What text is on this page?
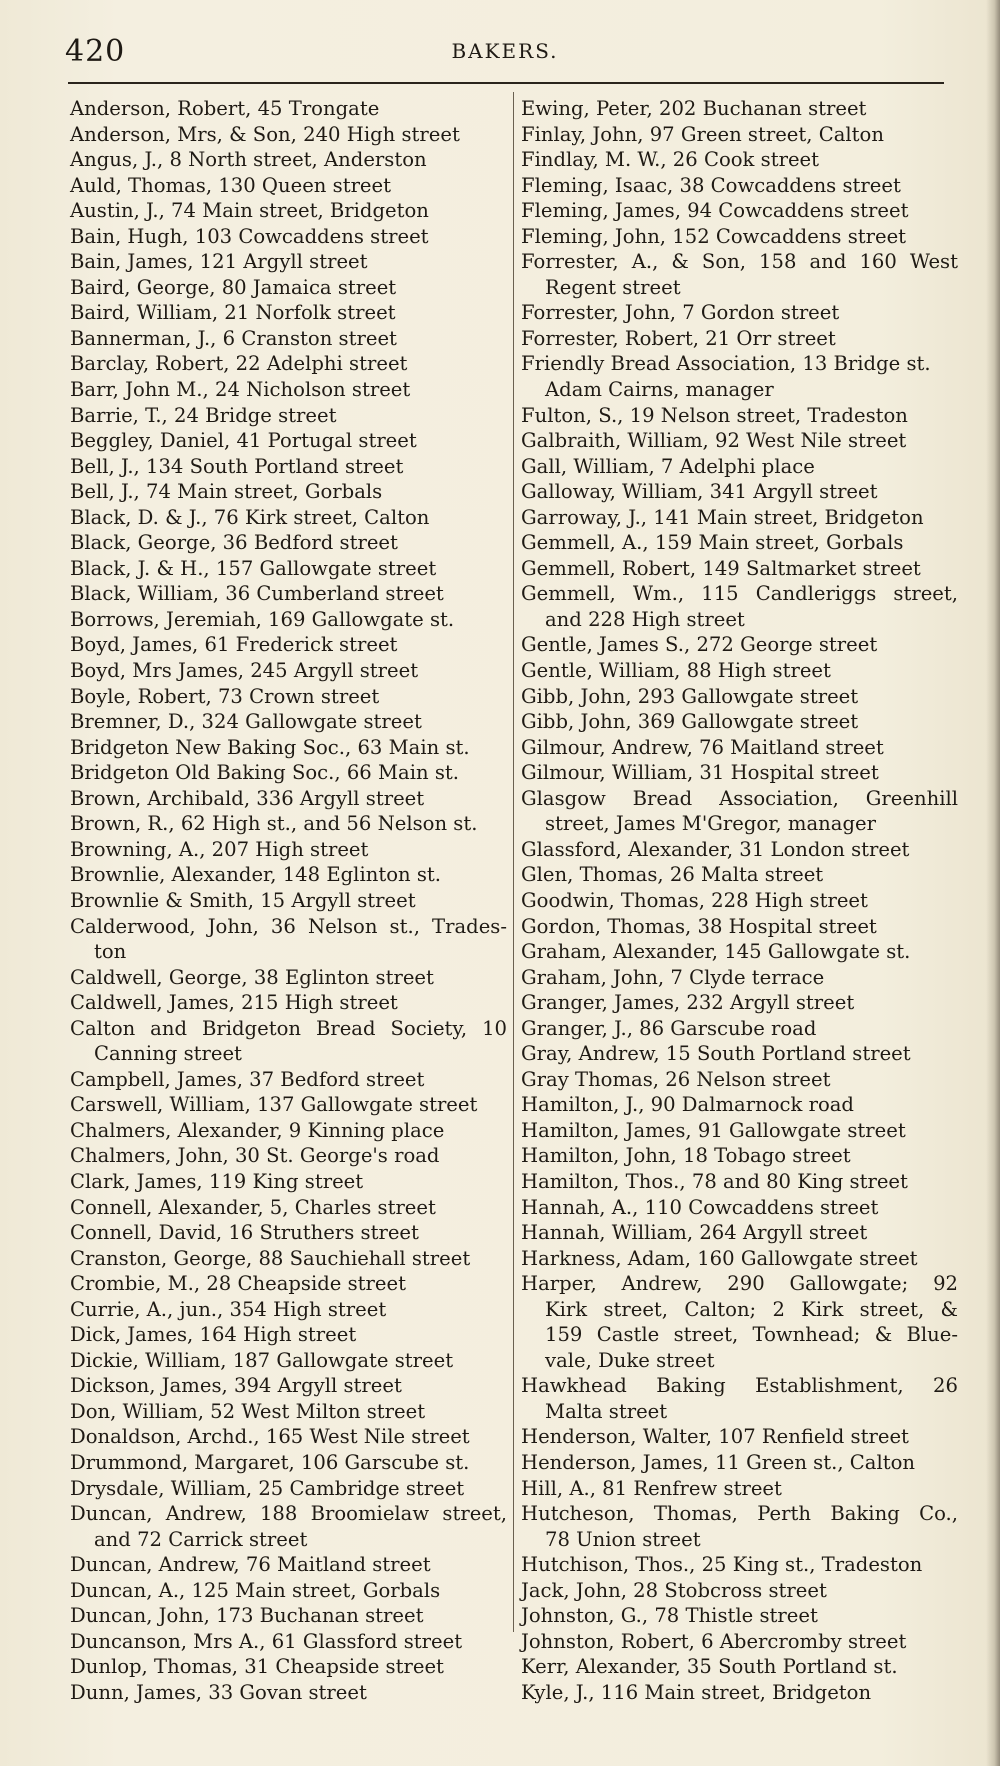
420	BAKERS.
Anderson, Robert, 45 Trongate
Anderson, Mrs, & Son, 240 High street
Angus, J., 8 North street, Anderston
Auld, Thomas, 130 Queen street
Austin, J., 74 Main street, Bridgeton
Bain, Hugh, 103 Cowcaddens street
Bain, James, 121 Argyll street
Baird, George, 80 Jamaica street
Baird, William, 21 Norfolk street
Bannerman, J., 6 Cranston street
Barclay, Robert, 22 Adelphi street
Barr, John M., 24 Nicholson street
Barrie, T., 24 Bridge street
Beggley, Daniel, 41 Portugal street
Bell, J., 134 South Portland street
Bell, J., 74 Main street, Gorbals
Black, D. & J., 76 Kirk street, Calton
Black, George, 36 Bedford street
Black, J. & H., 157 Gallowgate street
Black, William, 36 Cumberland street
Borrows, Jeremiah, 169 Gallowgate st.
Boyd, James, 61 Frederick street
Boyd, Mrs James, 245 Argyll street
Boyle, Robert, 73 Crown street
Bremner, D., 324 Gallowgate street
Bridgeton New Baking Soc., 63 Main st.
Bridgeton Old Baking Soc., 66 Main st.
Brown, Archibald, 336 Argyll street
Brown, R., 62 High st., and 56 Nelson st.
Browning, A., 207 High street
Brownlie, Alexander, 148 Eglinton st.
Brownlie & Smith, 15 Argyll street
Calderwood, John, 36 Nelson st., Trades-
ton
Caldwell, George, 38 Eglinton street
Caldwell, James, 215 High street
Calton and Bridgeton Bread Society, 10
Canning street
Campbell, James, 37 Bedford street
Carswell, William, 137 Gallowgate street
Chalmers, Alexander, 9 Kinning place
Chalmers, John, 30 St. George's road
Clark, James, 119 King street
Connell, Alexander, 5, Charles street
Connell, David, 16 Struthers street
Cranston, George, 88 Sauchiehall street
Crombie, M., 28 Cheapside street
Currie, A., jun., 354 High street
Dick, James, 164 High street
Dickie, William, 187 Gallowgate street
Dickson, James, 394 Argyll street
Don, William, 52 West Milton street
Donaldson, Archd., 165 West Nile street
Drummond, Margaret, 106 Garscube st.
Drysdale, William, 25 Cambridge street
Duncan, Andrew, 188 Broomielaw street,
and 72 Carrick street
Duncan, Andrew, 76 Maitland street
Duncan, A., 125 Main street, Gorbals
Duncan, John, 173 Buchanan street
Duncanson, Mrs A., 61 Glassford street
Dunlop, Thomas, 31 Cheapside street
Dunn, James, 33 Govan street
Ewing, Peter, 202 Buchanan street
Finlay, John, 97 Green street, Calton
Findlay, M. W., 26 Cook street
Fleming, Isaac, 38 Cowcaddens street
Fleming, James, 94 Cowcaddens street
Fleming, John, 152 Cowcaddens street
Forrester, A., & Son, 158 and 160 West
Regent street
Forrester, John, 7 Gordon street
Forrester, Robert, 21 Orr street
Friendly Bread Association, 13 Bridge st.
Adam Cairns, manager
Fulton, S., 19 Nelson street, Tradeston
Galbraith, William, 92 West Nile street
Gall, William, 7 Adelphi place
Galloway, William, 341 Argyll street
Garroway, J., 141 Main street, Bridgeton
Gemmell, A., 159 Main street, Gorbals
Gemmell, Robert, 149 Saltmarket street
Gemmell, Wm., 115 Candleriggs street,
and 228 High street
Gentle, James S., 272 George street
Gentle, William, 88 High street
Gibb, John, 293 Gallowgate street
Gibb, John, 369 Gallowgate street
Gilmour, Andrew, 76 Maitland street
Gilmour, William, 31 Hospital street
Glasgow Bread Association, Greenhill
street, James M'Gregor, manager
Glassford, Alexander, 31 London street
Glen, Thomas, 26 Malta street
Goodwin, Thomas, 228 High street
Gordon, Thomas, 38 Hospital street
Graham, Alexander, 145 Gallowgate st.
Graham, John, 7 Clyde terrace
Granger, James, 232 Argyll street
Granger, J., 86 Garscube road
Gray, Andrew, 15 South Portland street
Gray Thomas, 26 Nelson street
Hamilton, J., 90 Dalmarnock road
Hamilton, James, 91 Gallowgate street
Hamilton, John, 18 Tobago street
Hamilton, Thos., 78 and 80 King street
Hannah, A., 110 Cowcaddens street
Hannah, William, 264 Argyll street
Harkness, Adam, 160 Gallowgate street
Harper, Andrew, 290 Gallowgate; 92
Kirk street, Calton; 2 Kirk street, &
159 Castle street, Townhead; & Blue-
vale, Duke street
Hawkhead Baking Establishment, 26
Malta street
Henderson, Walter, 107 Renfield street
Henderson, James, 11 Green st., Calton
Hill, A., 81 Renfrew street
Hutcheson, Thomas, Perth Baking Co.,
78 Union street
Hutchison, Thos., 25 King st., Tradeston
Jack, John, 28 Stobcross street
Johnston, G., 78 Thistle street
Johnston, Robert, 6 Abercromby street
Kerr, Alexander, 35 South Portland st.
Kyle, J., 116 Main street, Bridgeton
